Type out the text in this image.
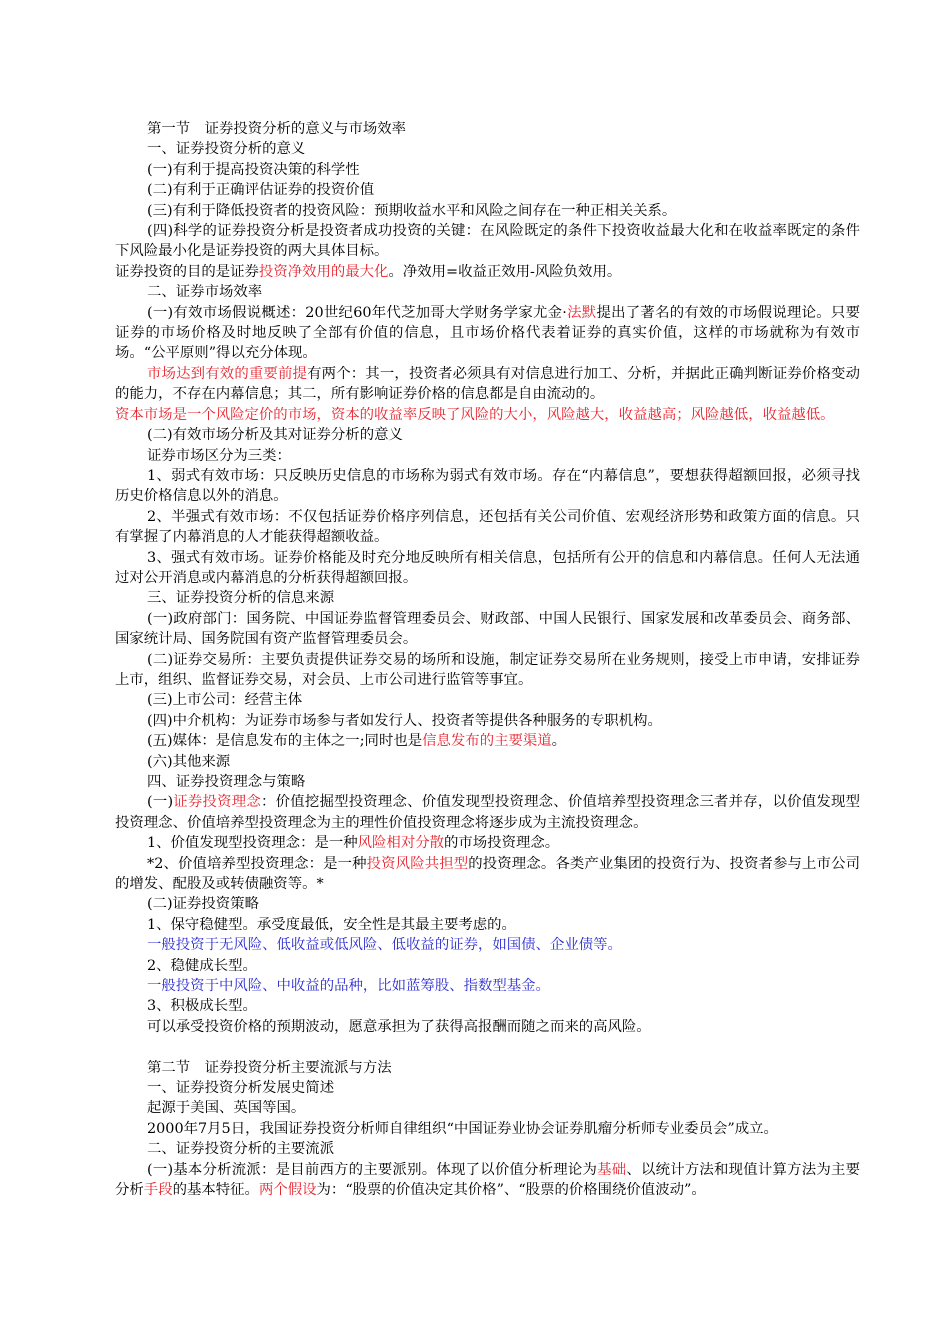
第一节　证券投资分析的意义与市场效率

一、证券投资分析的意义

(一)有利于提高投资决策的科学性

(二)有利于正确评估证券的投资价值

(三)有利于降低投资者的投资风险：预期收益水平和风险之间存在一种正相关关系。

(四)科学的证券投资分析是投资者成功投资的关键：在风险既定的条件下投资收益最大化和在收益率既定的条件下风险最小化是证券投资的两大具体目标。

证券投资的目的是证券投资净效用的最大化。净效用=收益正效用-风险负效用。

二、证券市场效率

(一)有效市场假说概述：20世纪60年代芝加哥大学财务学家尤金·法默提出了著名的有效的市场假说理论。只要证券的市场价格及时地反映了全部有价值的信息，且市场价格代表着证券的真实价值，这样的市场就称为有效市场。“公平原则”得以充分体现。

市场达到有效的重要前提有两个：其一，投资者必须具有对信息进行加工、分析，并据此正确判断证券价格变动的能力，不存在内幕信息；其二，所有影响证券价格的信息都是自由流动的。

资本市场是一个风险定价的市场，资本的收益率反映了风险的大小，风险越大，收益越高；风险越低，收益越低。

(二)有效市场分析及其对证券分析的意义

证券市场区分为三类：

1、弱式有效市场：只反映历史信息的市场称为弱式有效市场。存在“内幕信息”，要想获得超额回报，必须寻找历史价格信息以外的消息。

2、半强式有效市场：不仅包括证券价格序列信息，还包括有关公司价值、宏观经济形势和政策方面的信息。只有掌握了内幕消息的人才能获得超额收益。

3、强式有效市场。证券价格能及时充分地反映所有相关信息，包括所有公开的信息和内幕信息。任何人无法通过对公开消息或内幕消息的分析获得超额回报。

三、证券投资分析的信息来源

(一)政府部门：国务院、中国证券监督管理委员会、财政部、中国人民银行、国家发展和改革委员会、商务部、国家统计局、国务院国有资产监督管理委员会。

(二)证券交易所：主要负责提供证券交易的场所和设施，制定证券交易所在业务规则，接受上市申请，安排证券上市，组织、监督证券交易，对会员、上市公司进行监管等事宜。

(三)上市公司：经营主体

(四)中介机构：为证券市场参与者如发行人、投资者等提供各种服务的专职机构。

(五)媒体：是信息发布的主体之一;同时也是信息发布的主要渠道。

(六)其他来源

四、证券投资理念与策略

(一)证券投资理念：价值挖掘型投资理念、价值发现型投资理念、价值培养型投资理念三者并存，以价值发现型投资理念、价值培养型投资理念为主的理性价值投资理念将逐步成为主流投资理念。

1、价值发现型投资理念：是一种风险相对分散的市场投资理念。

*2、价值培养型投资理念：是一种投资风险共担型的投资理念。各类产业集团的投资行为、投资者参与上市公司的增发、配股及或转债融资等。*

(二)证券投资策略

1、保守稳健型。承受度最低，安全性是其最主要考虑的。

一般投资于无风险、低收益或低风险、低收益的证券，如国债、企业债等。

2、稳健成长型。

一般投资于中风险、中收益的品种，比如蓝筹股、指数型基金。

3、积极成长型。

可以承受投资价格的预期波动，愿意承担为了获得高报酬而随之而来的高风险。

第二节　证券投资分析主要流派与方法

一、证券投资分析发展史简述

起源于美国、英国等国。

2000年7月5日，我国证券投资分析师自律组织“中国证券业协会证券肌瘤分析师专业委员会”成立。

二、证券投资分析的主要流派

(一)基本分析流派：是目前西方的主要派别。体现了以价值分析理论为基础、以统计方法和现值计算方法为主要分析手段的基本特征。两个假设为：“股票的价值决定其价格”、“股票的价格围绕价值波动”。
